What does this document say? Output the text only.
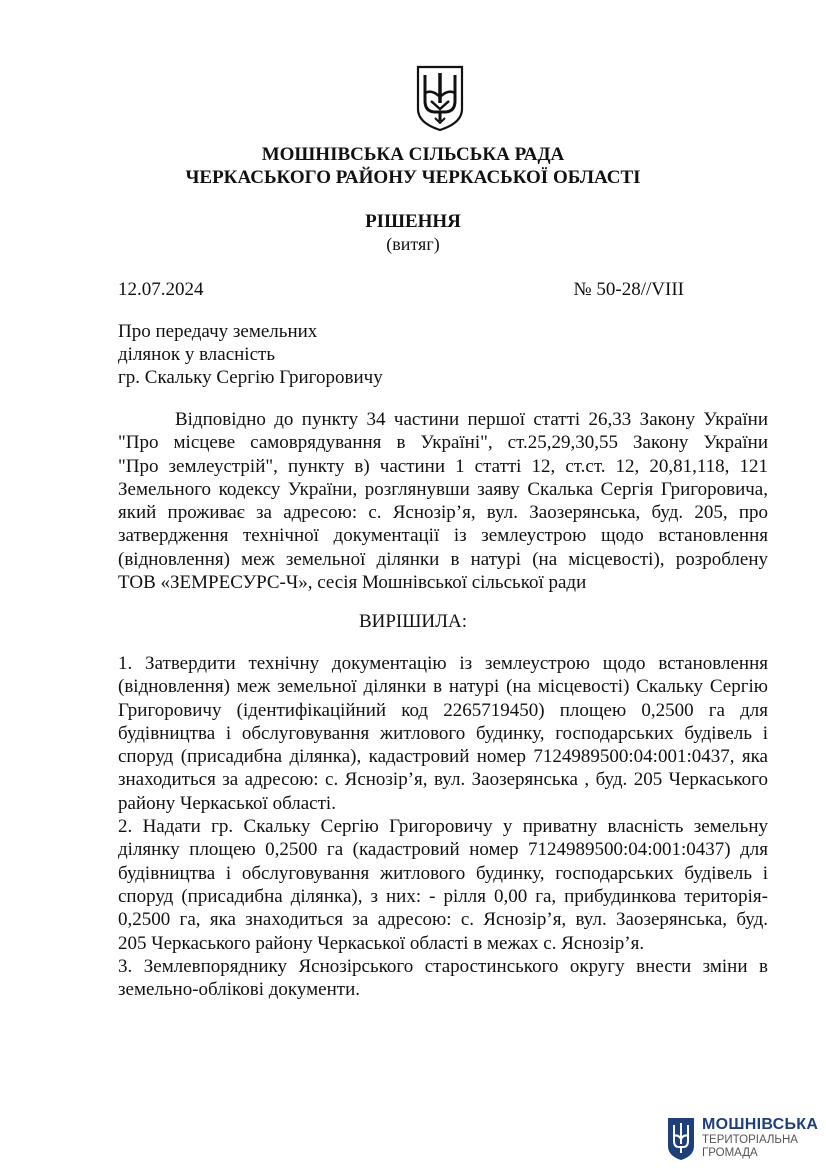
МОШНІВСЬКА СІЛЬСЬКА РАДА
ЧЕРКАСЬКОГО РАЙОНУ ЧЕРКАСЬКОЇ ОБЛАСТІ
РІШЕННЯ
(витяг)
12.07.2024	№ 50-28//VIII
Про передачу земельних
ділянок у власність
гр. Скальку Сергію Григоровичу
Відповідно до пункту 34 частини першої статті 26,33 Закону України
"Про місцеве самоврядування в Україні", ст.25,29,30,55 Закону України
"Про землеустрій", пункту в) частини 1 статті 12, ст.ст. 12, 20,81,118, 121
Земельного кодексу України, розглянувши заяву Скалька Сергія Григоровича,
який проживає за адресою: с. Яснозір’я, вул. Заозерянська, буд. 205, про
затвердження технічної документації із землеустрою щодо встановлення
(відновлення) меж земельної ділянки в натурі (на місцевості), розроблену
ТОВ «ЗЕМРЕСУРС-Ч», сесія Мошнівської сільської ради
ВИРІШИЛА:
1. Затвердити технічну документацію із землеустрою щодо встановлення
(відновлення) меж земельної ділянки в натурі (на місцевості) Скальку Сергію
Григоровичу (ідентифікаційний код 2265719450) площею 0,2500 га для
будівництва і обслуговування житлового будинку, господарських будівель і
споруд (присадибна ділянка), кадастровий номер 7124989500:04:001:0437, яка
знаходиться за адресою: с. Яснозір’я, вул. Заозерянська , буд. 205 Черкаського
району Черкаської області.
2. Надати гр. Скальку Сергію Григоровичу у приватну власність земельну
ділянку площею 0,2500 га (кадастровий номер 7124989500:04:001:0437) для
будівництва і обслуговування житлового будинку, господарських будівель і
споруд (присадибна ділянка), з них: - рілля 0,00 га, прибудинкова територія-
0,2500 га, яка знаходиться за адресою: с. Яснозір’я, вул. Заозерянська, буд.
205 Черкаського району Черкаської області в межах с. Яснозір’я.
3. Землевпоряднику Яснозірського старостинського округу внести зміни в
земельно-облікові документи.
МОШНІВСЬКА
ТЕРИТОРІАЛЬНА
ГРОМАДА
